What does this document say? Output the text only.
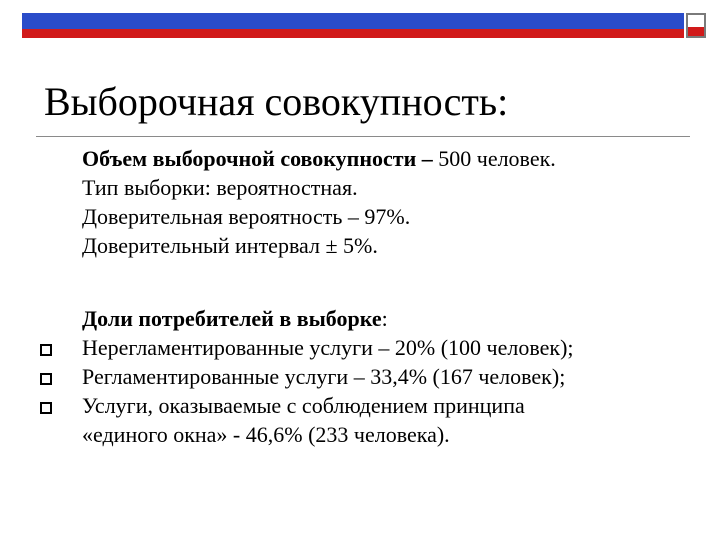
Выборочная совокупность:
Объем выборочной совокупности – 500 человек.
Тип выборки: вероятностная.
Доверительная вероятность – 97%.
Доверительный интервал ± 5%.
Доли потребителей в выборке:
Нерегламентированные услуги – 20% (100 человек);
Регламентированные услуги – 33,4% (167 человек);
Услуги, оказываемые с соблюдением принципа
«единого окна» - 46,6% (233 человека).
